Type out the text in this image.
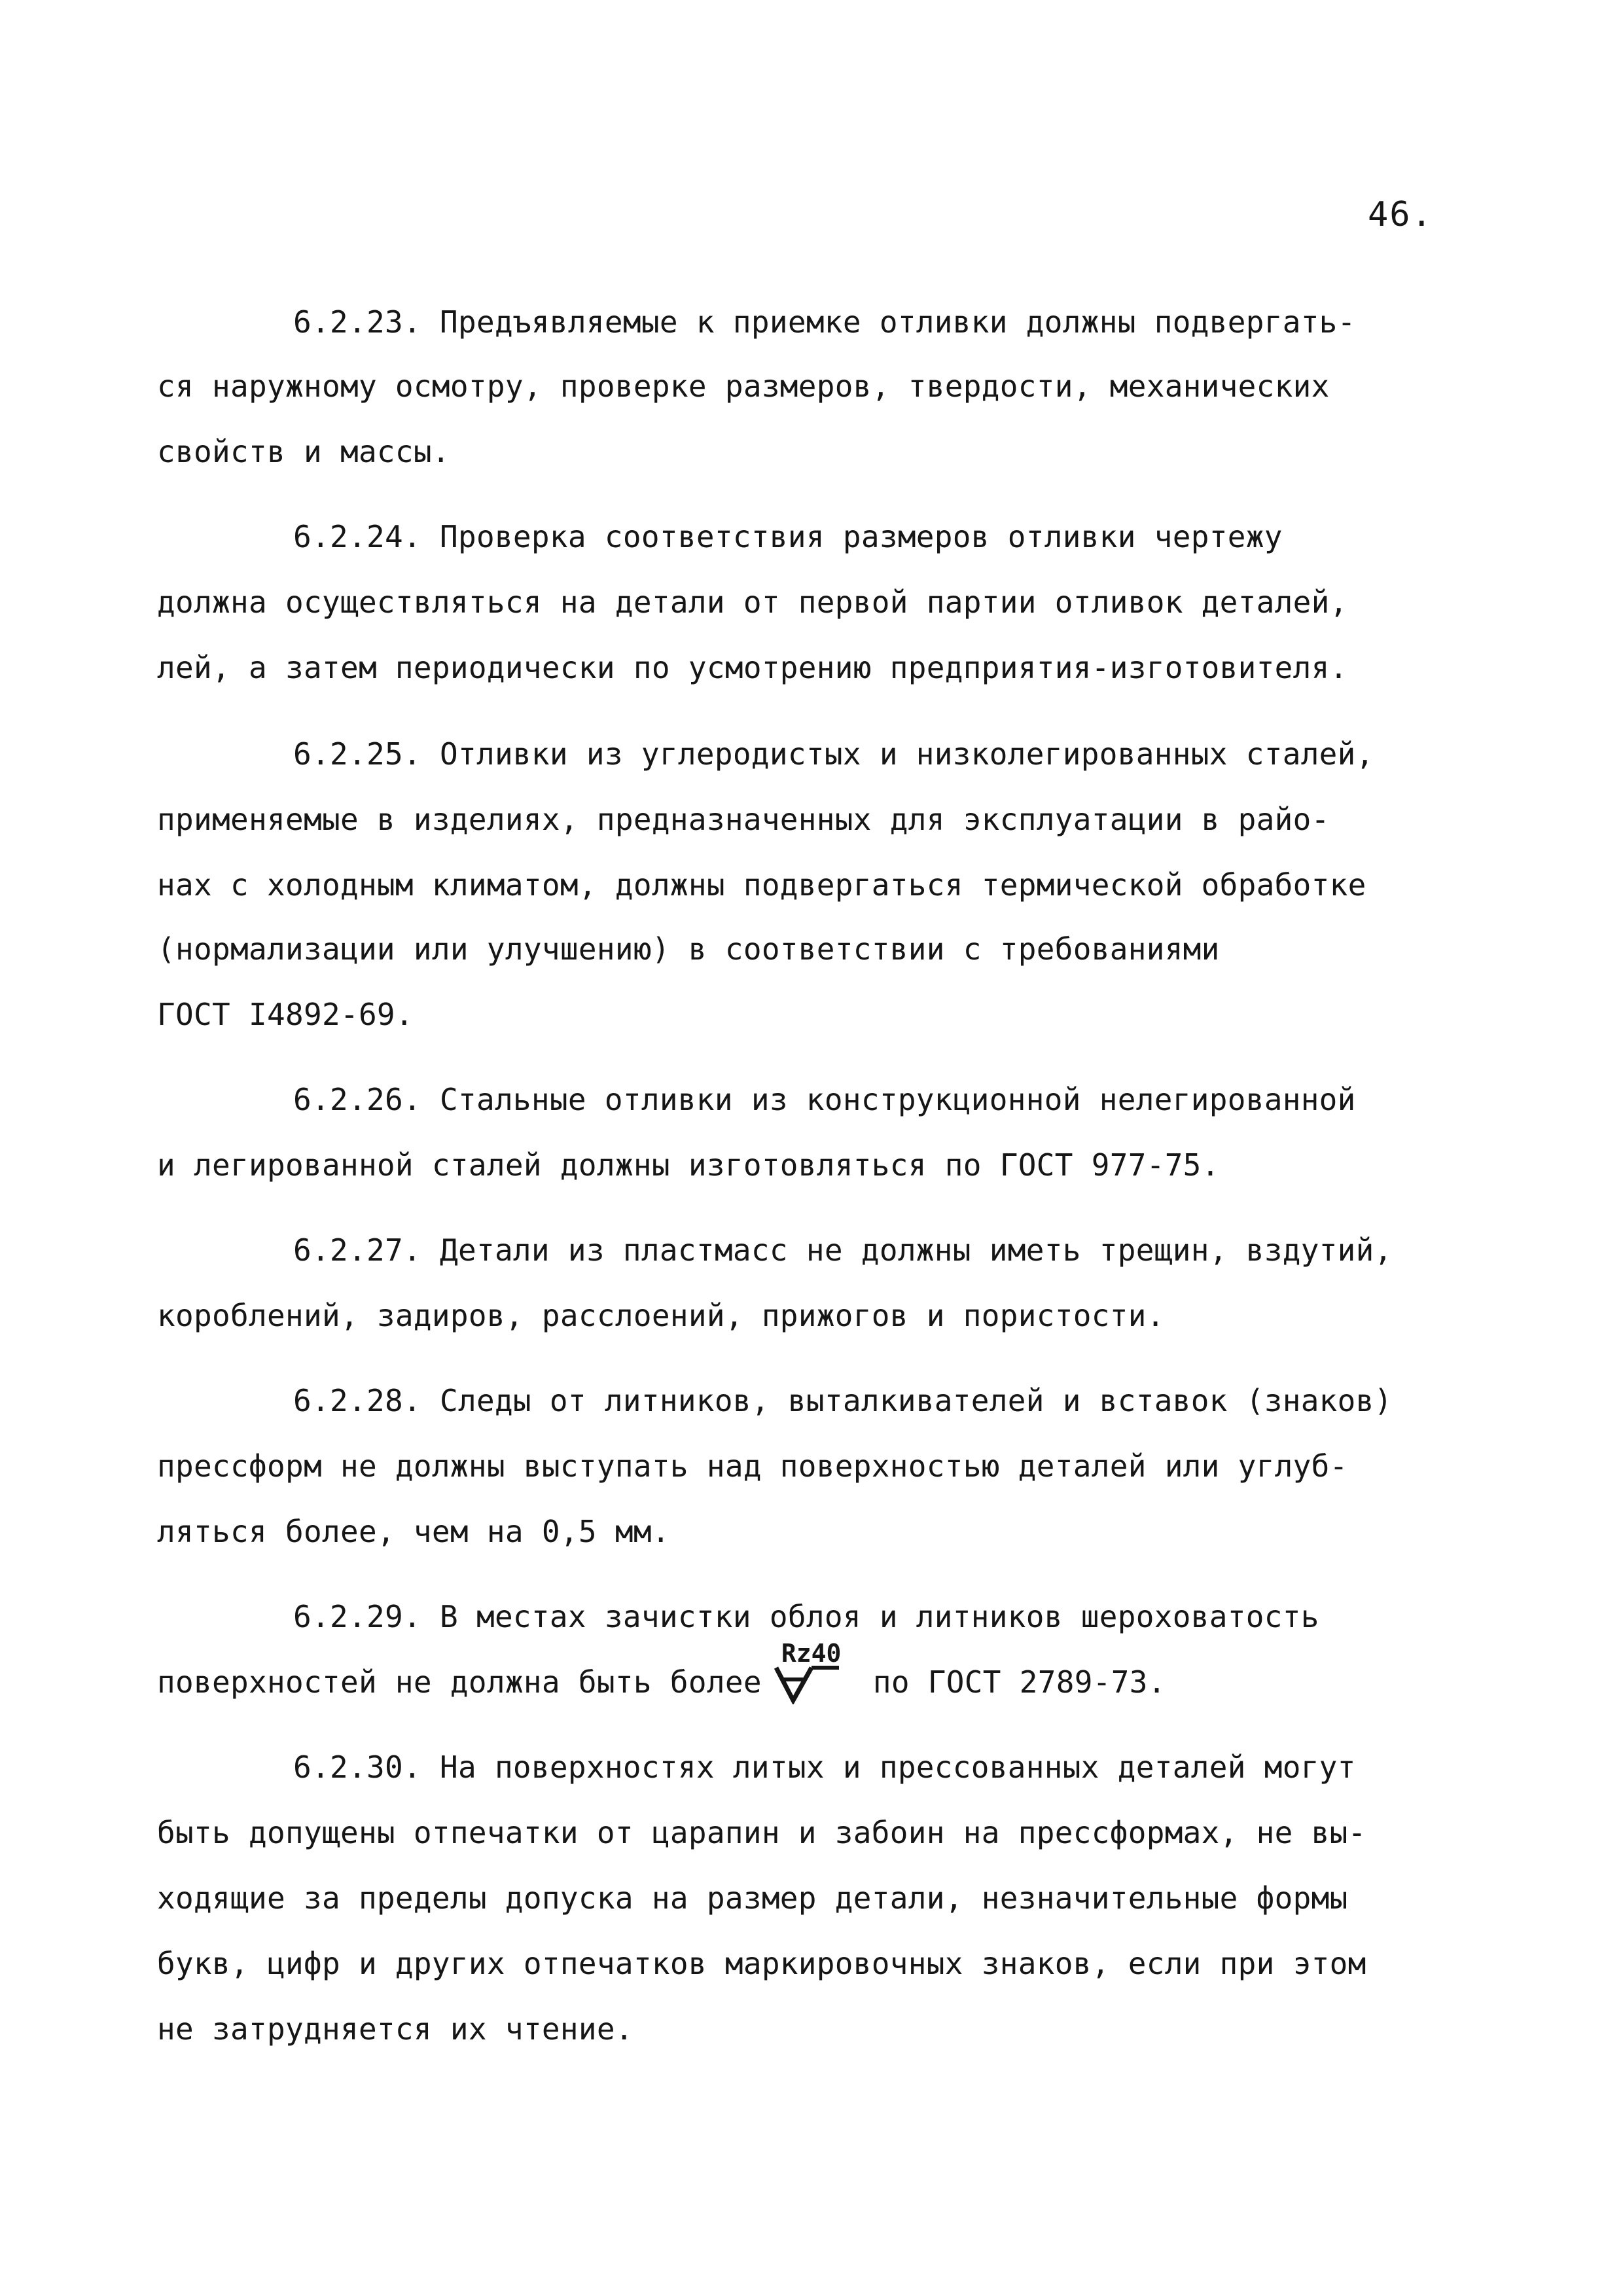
46.
6.2.23. Предъявляемые к приемке отливки должны подвергать-
ся наружному осмотру, проверке размеров, твердости, механических
свойств и массы.
6.2.24. Проверка соответствия размеров отливки чертежу
должна осуществляться на детали от первой партии отливок деталей,
лей, а затем периодически по усмотрению предприятия-изготовителя.
6.2.25. Отливки из углеродистых и низколегированных сталей,
применяемые в изделиях, предназначенных для эксплуатации в райо-
нах с холодным климатом, должны подвергаться термической обработке
(нормализации или улучшению) в соответствии с требованиями
ГОСТ I4892-69.
6.2.26. Стальные отливки из конструкционной нелегированной
и легированной сталей должны изготовляться по ГОСТ 977-75.
6.2.27. Детали из пластмасс не должны иметь трещин, вздутий,
короблений, задиров, расслоений, прижогов и пористости.
6.2.28. Следы от литников, выталкивателей и вставок (знаков)
прессформ не должны выступать над поверхностью деталей или углуб-
ляться более, чем на 0,5 мм.
6.2.29. В местах зачистки облоя и литников шероховатость
поверхностей не должна быть более
Rz40
по ГОСТ 2789-73.
6.2.30. На поверхностях литых и прессованных деталей могут
быть допущены отпечатки от царапин и забоин на прессформах, не вы-
ходящие за пределы допуска на размер детали, незначительные формы
букв, цифр и других отпечатков маркировочных знаков, если при этом
не затрудняется их чтение.
